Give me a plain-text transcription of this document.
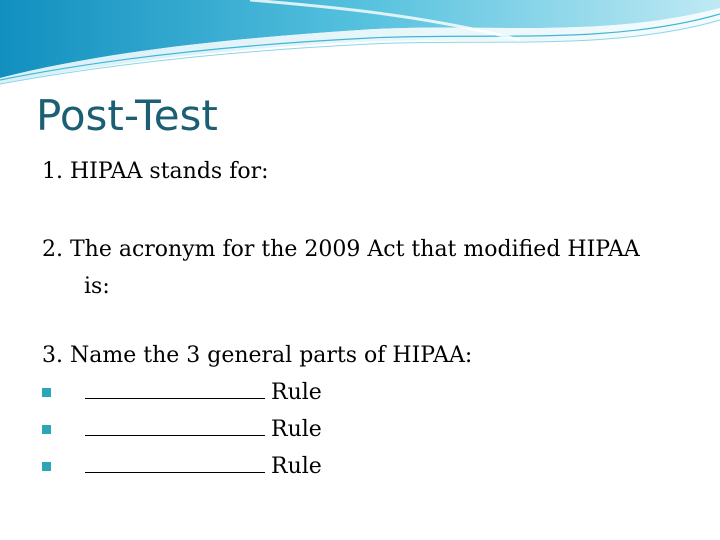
Post-Test

1. HIPAA stands for:

2. The acronym for the 2009 Act that modified HIPAA
is:

3. Name the 3 general parts of HIPAA:

Rule
Rule
Rule
